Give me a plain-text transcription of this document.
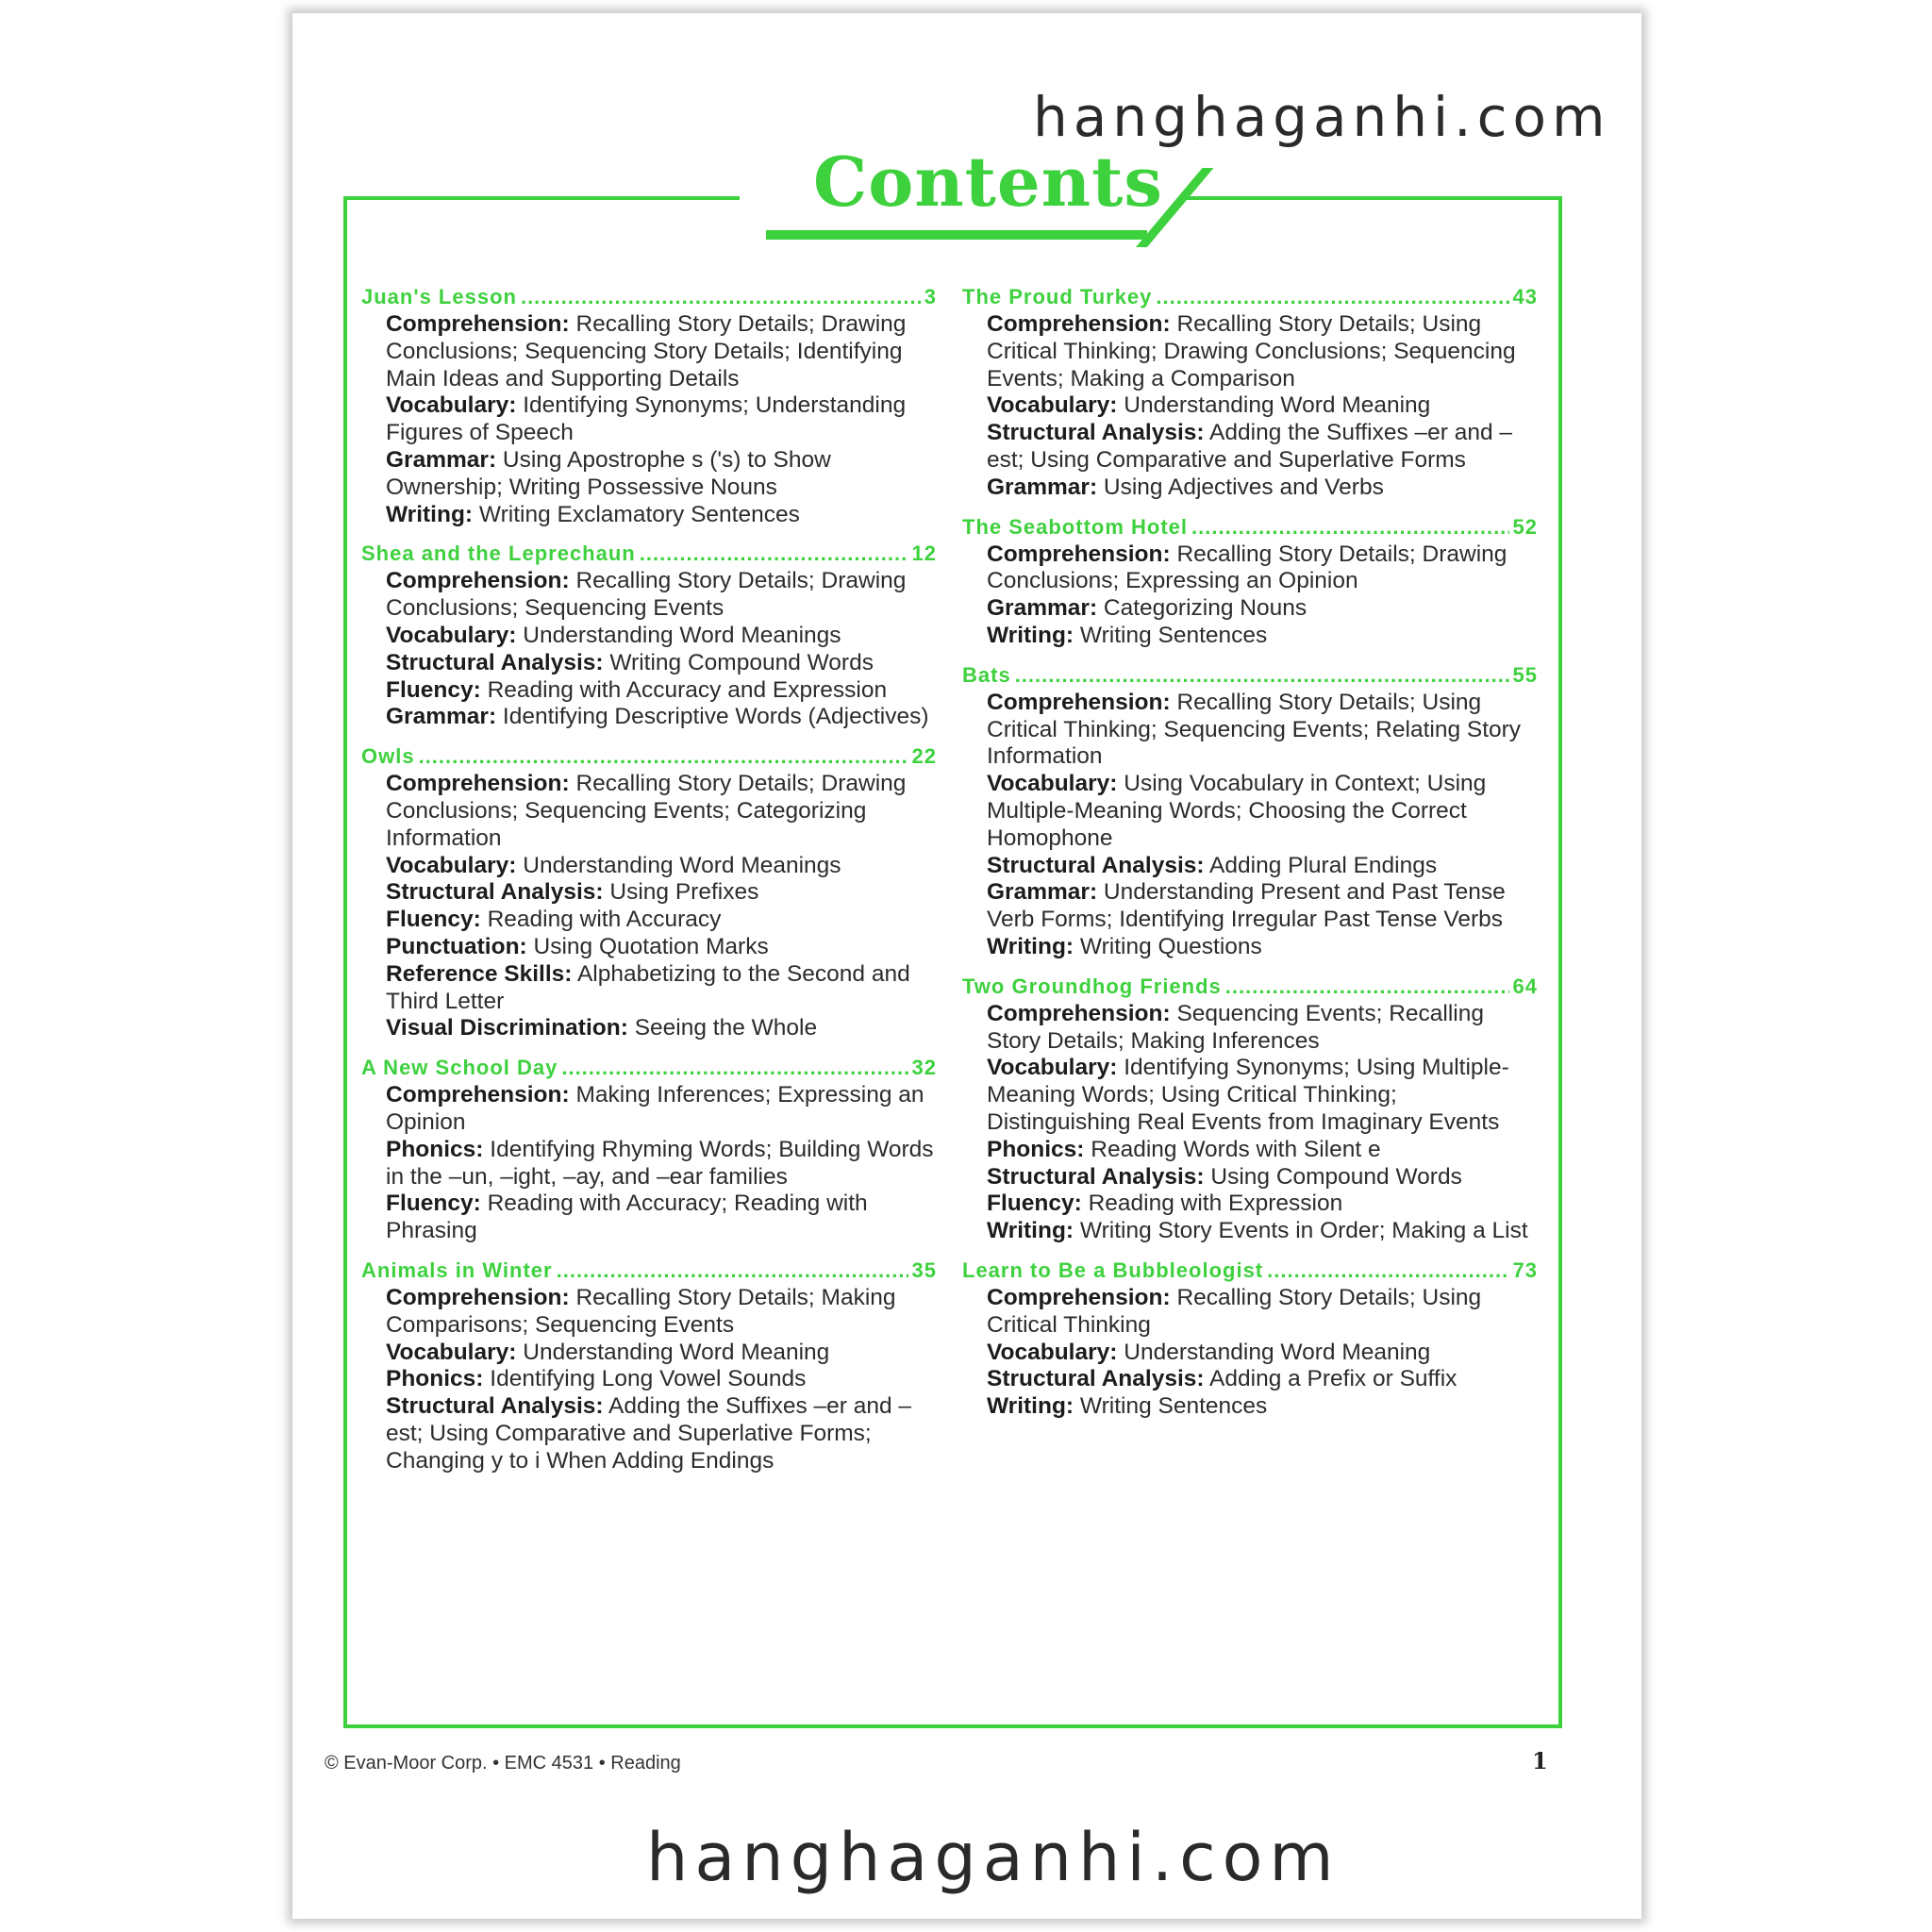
hanghaganhi.com
Contents
Juan's Lesson .....	3
Comprehension: Recalling Story Details; Drawing Conclusions; Sequencing Story Details; Identifying Main Ideas and Supporting Details
Vocabulary: Identifying Synonyms; Understanding Figures of Speech
Grammar: Using Apostrophe s ('s) to Show Ownership; Writing Possessive Nouns
Writing: Writing Exclamatory Sentences
Shea and the Leprechaun .....	12
Comprehension: Recalling Story Details; Drawing Conclusions; Sequencing Events
Vocabulary: Understanding Word Meanings
Structural Analysis: Writing Compound Words
Fluency: Reading with Accuracy and Expression
Grammar: Identifying Descriptive Words (Adjectives)
Owls .....	22
Comprehension: Recalling Story Details; Drawing Conclusions; Sequencing Events; Categorizing Information
Vocabulary: Understanding Word Meanings
Structural Analysis: Using Prefixes
Fluency: Reading with Accuracy
Punctuation: Using Quotation Marks
Reference Skills: Alphabetizing to the Second and Third Letter
Visual Discrimination: Seeing the Whole
A New School Day .....	32
Comprehension: Making Inferences; Expressing an Opinion
Phonics: Identifying Rhyming Words; Building Words in the –un, –ight, –ay, and –ear families
Fluency: Reading with Accuracy; Reading with Phrasing
Animals in Winter .....	35
Comprehension: Recalling Story Details; Making Comparisons; Sequencing Events
Vocabulary: Understanding Word Meaning
Phonics: Identifying Long Vowel Sounds
Structural Analysis: Adding the Suffixes –er and –est; Using Comparative and Superlative Forms; Changing y to i When Adding Endings
The Proud Turkey .....	43
Comprehension: Recalling Story Details; Using Critical Thinking; Drawing Conclusions; Sequencing Events; Making a Comparison
Vocabulary: Understanding Word Meaning
Structural Analysis: Adding the Suffixes –er and –est; Using Comparative and Superlative Forms
Grammar: Using Adjectives and Verbs
The Seabottom Hotel .....	52
Comprehension: Recalling Story Details; Drawing Conclusions; Expressing an Opinion
Grammar: Categorizing Nouns
Writing: Writing Sentences
Bats .....	55
Comprehension: Recalling Story Details; Using Critical Thinking; Sequencing Events; Relating Story Information
Vocabulary: Using Vocabulary in Context; Using Multiple-Meaning Words; Choosing the Correct Homophone
Structural Analysis: Adding Plural Endings
Grammar: Understanding Present and Past Tense Verb Forms; Identifying Irregular Past Tense Verbs
Writing: Writing Questions
Two Groundhog Friends .....	64
Comprehension: Sequencing Events; Recalling Story Details; Making Inferences
Vocabulary: Identifying Synonyms; Using Multiple-Meaning Words; Using Critical Thinking; Distinguishing Real Events from Imaginary Events
Phonics: Reading Words with Silent e
Structural Analysis: Using Compound Words
Fluency: Reading with Expression
Writing: Writing Story Events in Order; Making a List
Learn to Be a Bubbleologist .....	73
Comprehension: Recalling Story Details; Using Critical Thinking
Vocabulary: Understanding Word Meaning
Structural Analysis: Adding a Prefix or Suffix
Writing: Writing Sentences
© Evan-Moor Corp. • EMC 4531 • Reading	1
hanghaganhi.com
